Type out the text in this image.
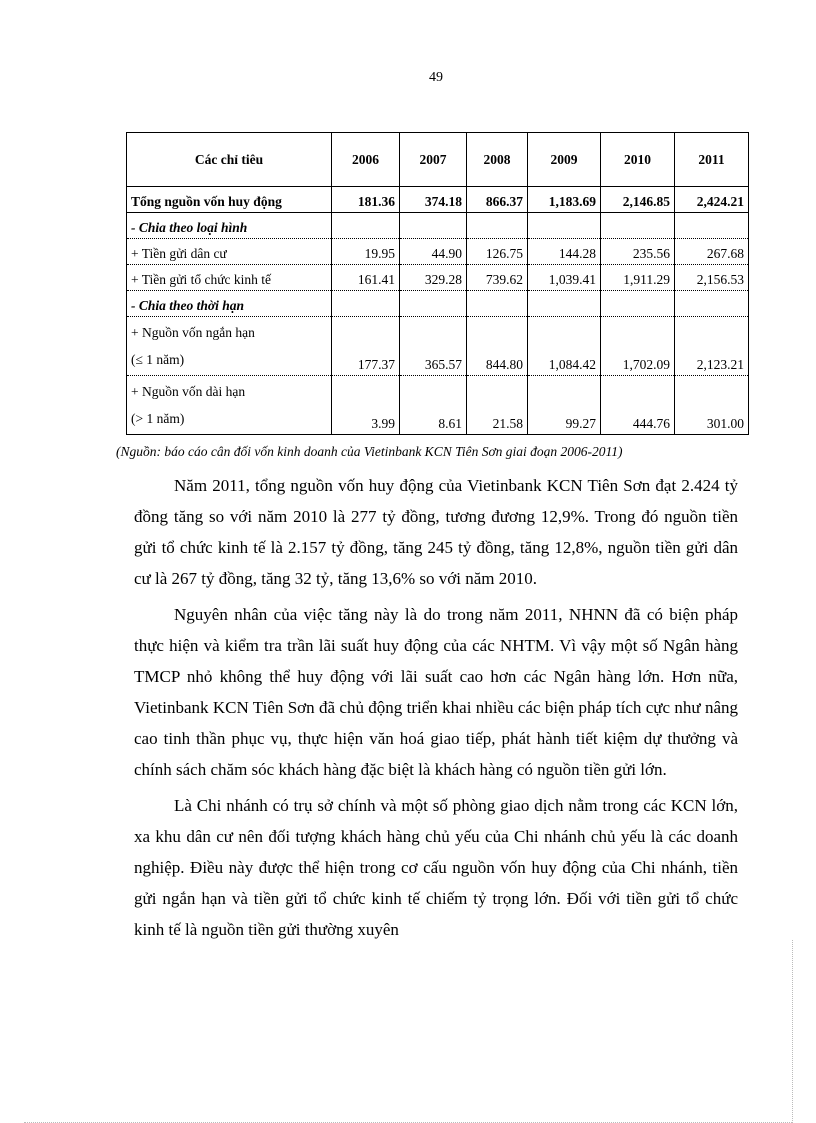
49
Các chỉ tiêu	2006	2007	2008	2009	2010	2011
Tổng nguồn vốn huy động	181.36	374.18	866.37	1,183.69	2,146.85	2,424.21
- Chia theo loại hình						
+ Tiền gửi dân cư	19.95	44.90	126.75	144.28	235.56	267.68
+ Tiền gửi tổ chức kinh tế	161.41	329.28	739.62	1,039.41	1,911.29	2,156.53
- Chia theo thời hạn						

+ Nguồn vốn ngắn hạn
(≤ 1 năm)	177.37	365.57	844.80	1,084.42	1,702.09	2,123.21

+ Nguồn vốn dài hạn
(> 1 năm)	3.99	8.61	21.58	99.27	444.76	301.00
(Nguồn: báo cáo cân đối vốn kinh doanh của Vietinbank KCN Tiên Sơn giai đoạn 2006-2011)

Năm 2011, tổng nguồn vốn huy động của Vietinbank KCN Tiên Sơn đạt 2.424 tỷ đồng tăng so với năm 2010 là 277 tỷ đồng, tương đương 12,9%. Trong đó nguồn tiền gửi tổ chức kinh tế là 2.157 tỷ đồng, tăng 245 tỷ đồng, tăng 12,8%, nguồn tiền gửi dân cư là 267 tỷ đồng, tăng 32 tỷ, tăng 13,6% so với năm 2010.

Nguyên nhân của việc tăng này là do trong năm 2011, NHNN đã có biện pháp thực hiện và kiểm tra trần lãi suất huy động của các NHTM. Vì vậy một số Ngân hàng TMCP nhỏ không thể huy động với lãi suất cao hơn các Ngân hàng lớn. Hơn nữa, Vietinbank KCN Tiên Sơn đã chủ động triển khai nhiều các biện pháp tích cực như nâng cao tinh thần phục vụ, thực hiện văn hoá giao tiếp, phát hành tiết kiệm dự thưởng và chính sách chăm sóc khách hàng đặc biệt là khách hàng có nguồn tiền gửi lớn.

Là Chi nhánh có trụ sở chính và một số phòng giao dịch nằm trong các KCN lớn, xa khu dân cư nên đối tượng khách hàng chủ yếu của Chi nhánh chủ yếu là các doanh nghiệp. Điều này được thể hiện trong cơ cấu nguồn vốn huy động của Chi nhánh, tiền gửi ngắn hạn và tiền gửi tổ chức kinh tế chiếm tỷ trọng lớn. Đối với tiền gửi tổ chức kinh tế là nguồn tiền gửi thường xuyên
